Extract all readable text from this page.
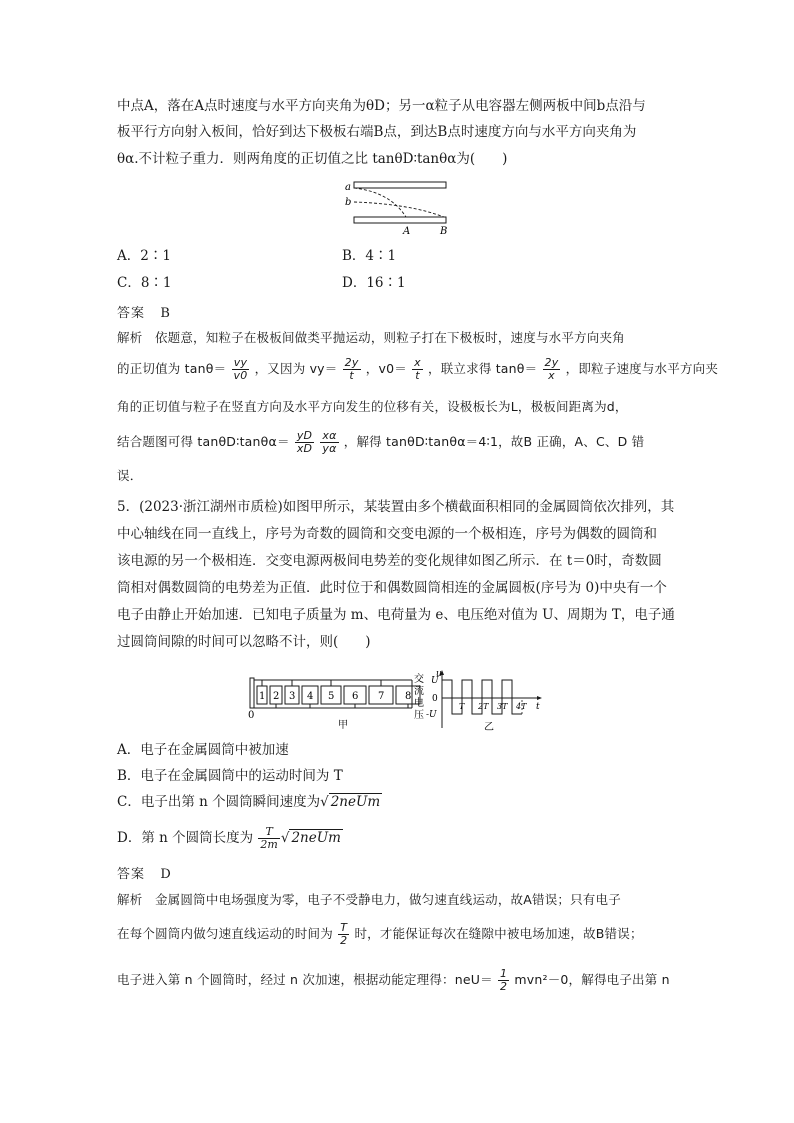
中点A，落在A点时速度与水平方向夹角为θD；另一α粒子从电容器左侧两板中间b点沿与
板平行方向射入板间，恰好到达下极板右端B点，到达B点时速度方向与水平方向夹角为
θα.不计粒子重力．则两角度的正切值之比 tanθD∶tanθα为(　　)
a
b
A	B
A．2∶1	B．4∶1
C．8∶1	D．16∶1
答案 B
解析 依题意，知粒子在极板间做类平抛运动，则粒子打在下极板时，速度与水平方向夹角
的正切值为 $\tan\theta= \frac{vy}{v0}$ ，又因为 $vy= \frac{2y}{t}$ ，$v0= \frac{x}{t}$ ，联立求得 $\tan\theta= \frac{2y}{x}$ ，即粒子速度与水平方向夹
角的正切值与粒子在竖直方向及水平方向发生的位移有关，设极板长为L，极板间距离为d，
结合题图可得 tanθD∶tanθα＝ $\frac{yD}{xD}$
$\frac{x\alpha}{y\alpha}$ ，解得 tanθD∶tanθα＝4∶1，故B 正确，A、C、D 错
误．
5．(2023·浙江湖州市质检)如图甲所示，某装置由多个横截面积相同的金属圆筒依次排列，其
中心轴线在同一直线上，序号为奇数的圆筒和交变电源的一个极相连，序号为偶数的圆筒和
该电源的另一个极相连．交变电源两极间电势差的变化规律如图乙所示．在 t＝0时，奇数圆
筒相对偶数圆筒的电势差为正值．此时位于和偶数圆筒相连的金属圆板(序号为 0)中央有一个
电子由静止开始加速．已知电子质量为 m、电荷量为 e、电压绝对值为 U、周期为 T，电子通
过圆筒间隙的时间可以忽略不计，则(　　)
1 2 3 4 5 6 7 8
0
交
流
电
压
甲
u
U
0
-U
t
T 2T 3T 4T
乙
A．电子在金属圆筒中被加速
B．电子在金属圆筒中的运动时间为 T
C．电子出第 n 个圆筒瞬间速度为√ 2neUm
D．第 n 个圆筒长度为 $\frac{T}{2m}$ √ 2neUm
答案 D
解析 金属圆筒中电场强度为零，电子不受静电力，做匀速直线运动，故A错误；只有电子
在每个圆筒内做匀速直线运动的时间为 $\frac{T}{2}$ 时，才能保证每次在缝隙中被电场加速，故B错误；
电子进入第 n 个圆筒时，经过 n 次加速，根据动能定理得：$neU= \frac{1}{2} mvn^2-0$，解得电子出第 n
